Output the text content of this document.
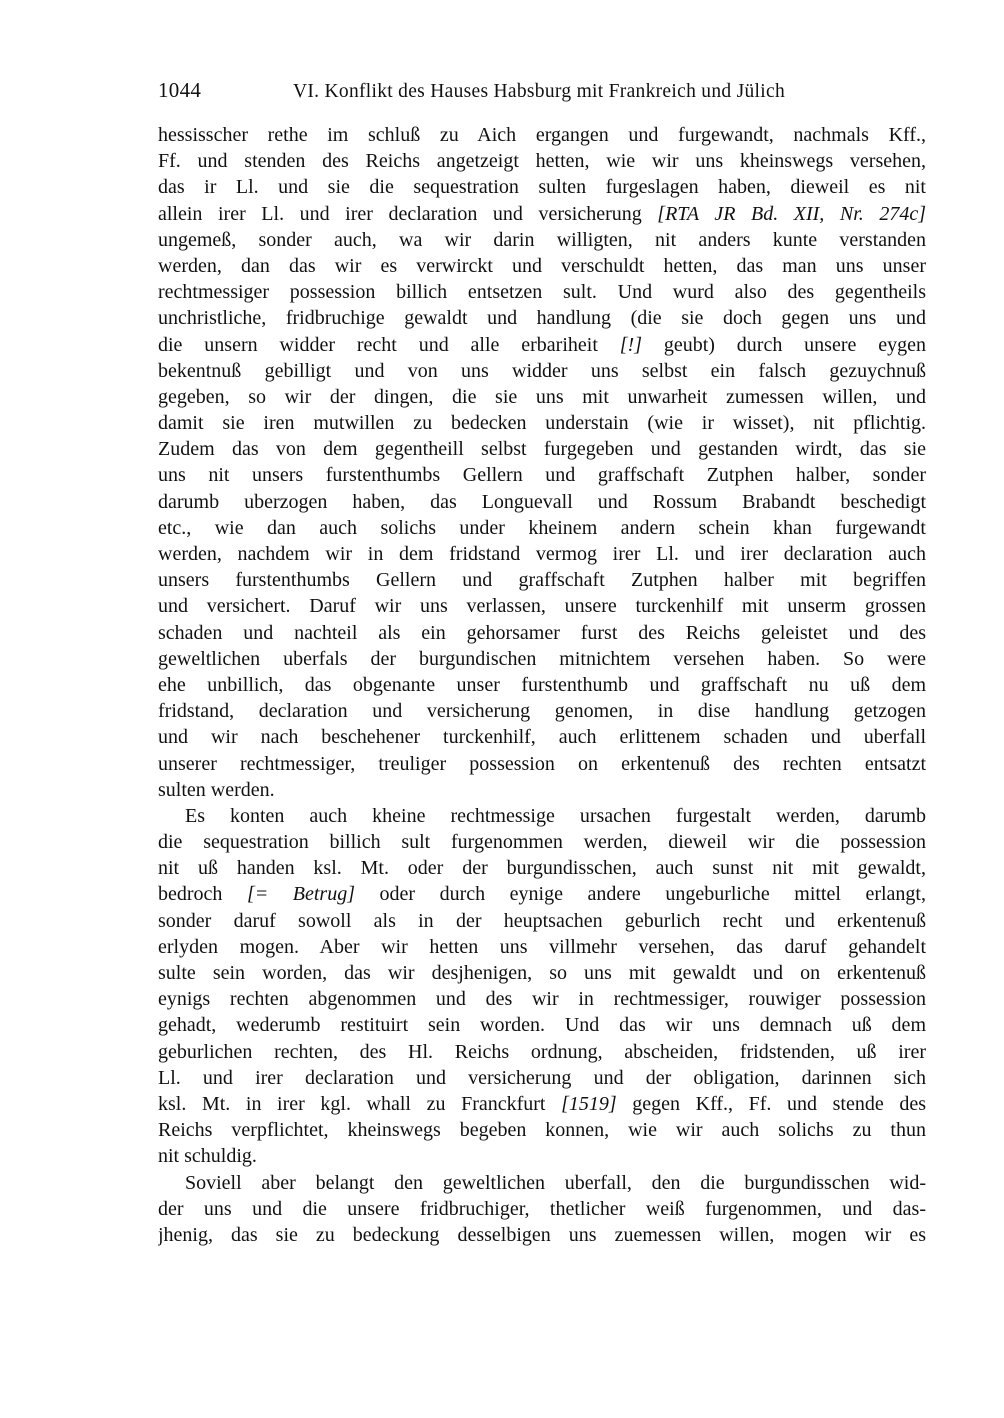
1044	VI. Konflikt des Hauses Habsburg mit Frankreich und Jülich
hessisscher rethe im schluß zu Aich ergangen und furgewandt, nachmals Kff.,
Ff. und stenden des Reichs angetzeigt hetten, wie wir uns kheinswegs versehen,
das ir Ll. und sie die sequestration sulten furgeslagen haben, dieweil es nit
allein irer Ll. und irer declaration und versicherung [RTA JR Bd. XII, Nr. 274c]
ungemeß, sonder auch, wa wir darin willigten, nit anders kunte verstanden
werden, dan das wir es verwirckt und verschuldt hetten, das man uns unser
rechtmessiger possession billich entsetzen sult. Und wurd also des gegentheils
unchristliche, fridbruchige gewaldt und handlung (die sie doch gegen uns und
die unsern widder recht und alle erbariheit [!] geubt) durch unsere eygen
bekentnuß gebilligt und von uns widder uns selbst ein falsch gezuychnuß
gegeben, so wir der dingen, die sie uns mit unwarheit zumessen willen, und
damit sie iren mutwillen zu bedecken understain (wie ir wisset), nit pflichtig.
Zudem das von dem gegentheill selbst furgegeben und gestanden wirdt, das sie
uns nit unsers furstenthumbs Gellern und graffschaft Zutphen halber, sonder
darumb uberzogen haben, das Longuevall und Rossum Brabandt beschedigt
etc., wie dan auch solichs under kheinem andern schein khan furgewandt
werden, nachdem wir in dem fridstand vermog irer Ll. und irer declaration auch
unsers furstenthumbs Gellern und graffschaft Zutphen halber mit begriffen
und versichert. Daruf wir uns verlassen, unsere turckenhilf mit unserm grossen
schaden und nachteil als ein gehorsamer furst des Reichs geleistet und des
geweltlichen uberfals der burgundischen mitnichtem versehen haben. So were
ehe unbillich, das obgenante unser furstenthumb und graffschaft nu uß dem
fridstand, declaration und versicherung genomen, in dise handlung getzogen
und wir nach beschehener turckenhilf, auch erlittenem schaden und uberfall
unserer rechtmessiger, treuliger possession on erkentenuß des rechten entsatzt
sulten werden.
Es konten auch kheine rechtmessige ursachen furgestalt werden, darumb
die sequestration billich sult furgenommen werden, dieweil wir die possession
nit uß handen ksl. Mt. oder der burgundisschen, auch sunst nit mit gewaldt,
bedroch [= Betrug] oder durch eynige andere ungeburliche mittel erlangt,
sonder daruf sowoll als in der heuptsachen geburlich recht und erkentenuß
erlyden mogen. Aber wir hetten uns villmehr versehen, das daruf gehandelt
sulte sein worden, das wir desjhenigen, so uns mit gewaldt und on erkentenuß
eynigs rechten abgenommen und des wir in rechtmessiger, rouwiger possession
gehadt, wederumb restituirt sein worden. Und das wir uns demnach uß dem
geburlichen rechten, des Hl. Reichs ordnung, abscheiden, fridstenden, uß irer
Ll. und irer declaration und versicherung und der obligation, darinnen sich
ksl. Mt. in irer kgl. whall zu Franckfurt [1519] gegen Kff., Ff. und stende des
Reichs verpflichtet, kheinswegs begeben konnen, wie wir auch solichs zu thun
nit schuldig.
Soviell aber belangt den geweltlichen uberfall, den die burgundisschen wid-
der uns und die unsere fridbruchiger, thetlicher weiß furgenommen, und das-
jhenig, das sie zu bedeckung desselbigen uns zuemessen willen, mogen wir es
